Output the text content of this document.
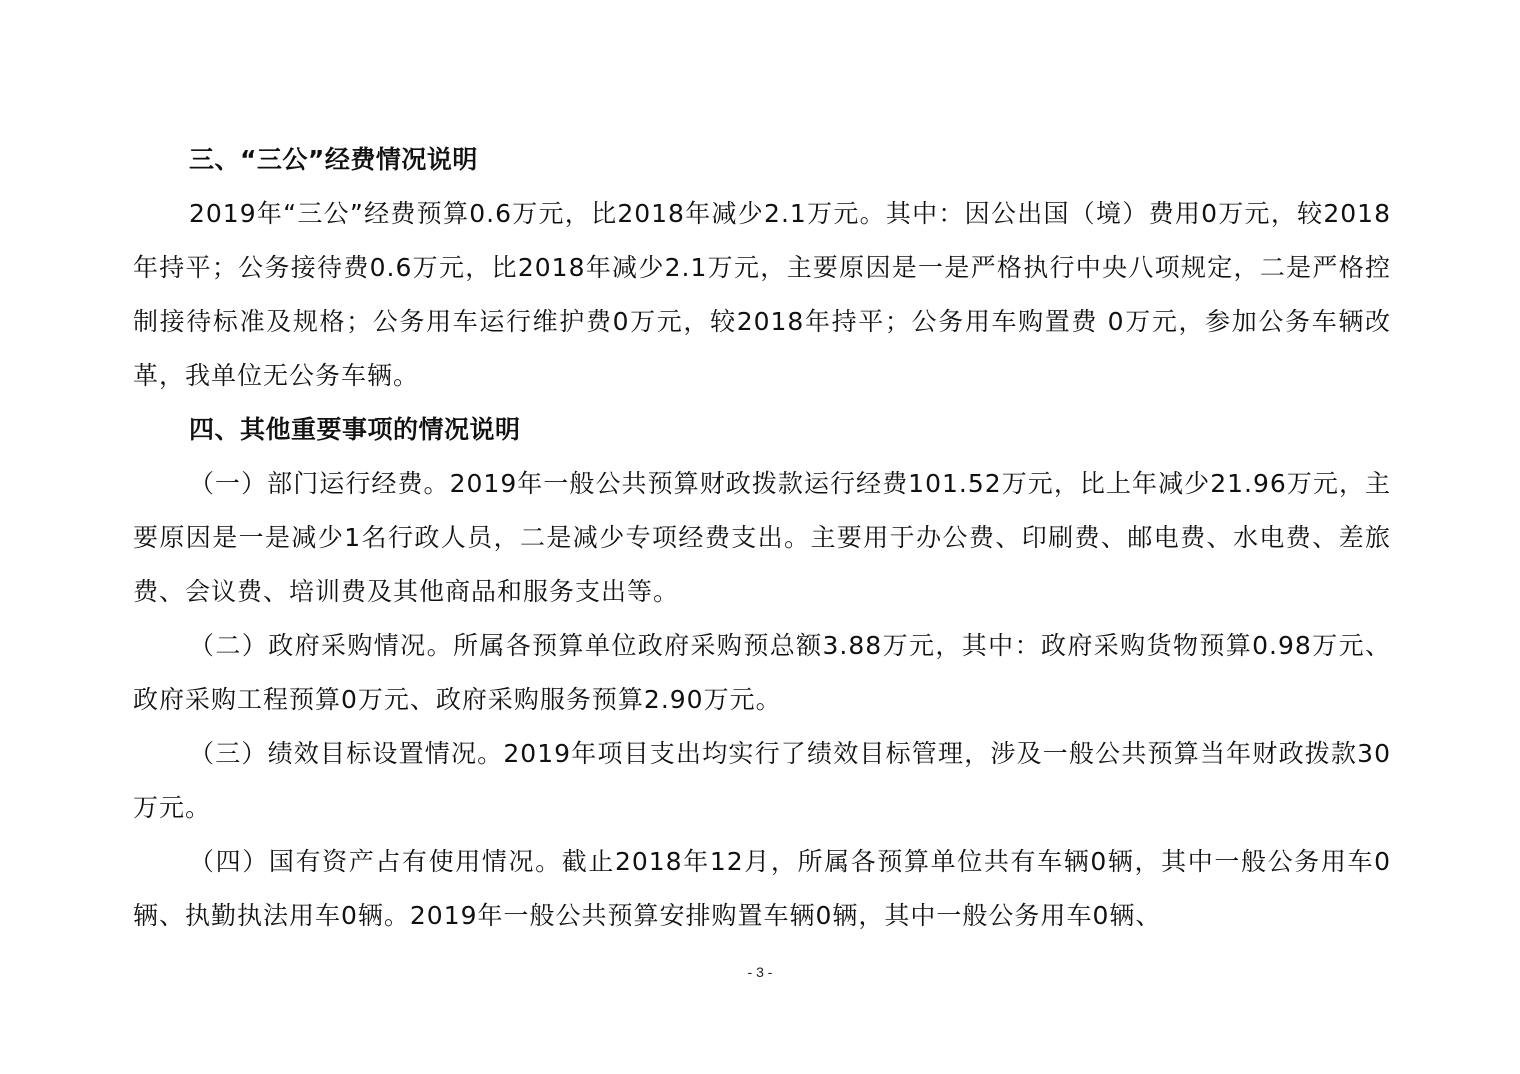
三、“三公”经费情况说明
2019年“三公”经费预算0.6万元，比2018年减少2.1万元。其中：因公出国（境）费用0万元，较2018年持平；公务接待费0.6万元，比2018年减少2.1万元，主要原因是一是严格执行中央八项规定，二是严格控制接待标准及规格；公务用车运行维护费0万元，较2018年持平；公务用车购置费 0万元，参加公务车辆改革，我单位无公务车辆。
四、其他重要事项的情况说明
（一）部门运行经费。2019年一般公共预算财政拨款运行经费101.52万元，比上年减少21.96万元，主要原因是一是减少1名行政人员，二是减少专项经费支出。主要用于办公费、印刷费、邮电费、水电费、差旅费、会议费、培训费及其他商品和服务支出等。
（二）政府采购情况。所属各预算单位政府采购预总额3.88万元，其中：政府采购货物预算0.98万元、政府采购工程预算0万元、政府采购服务预算2.90万元。
（三）绩效目标设置情况。2019年项目支出均实行了绩效目标管理，涉及一般公共预算当年财政拨款30万元。
（四）国有资产占有使用情况。截止2018年12月，所属各预算单位共有车辆0辆，其中一般公务用车0 辆、执勤执法用车0辆。2019年一般公共预算安排购置车辆0辆，其中一般公务用车0辆、
- 3 -
